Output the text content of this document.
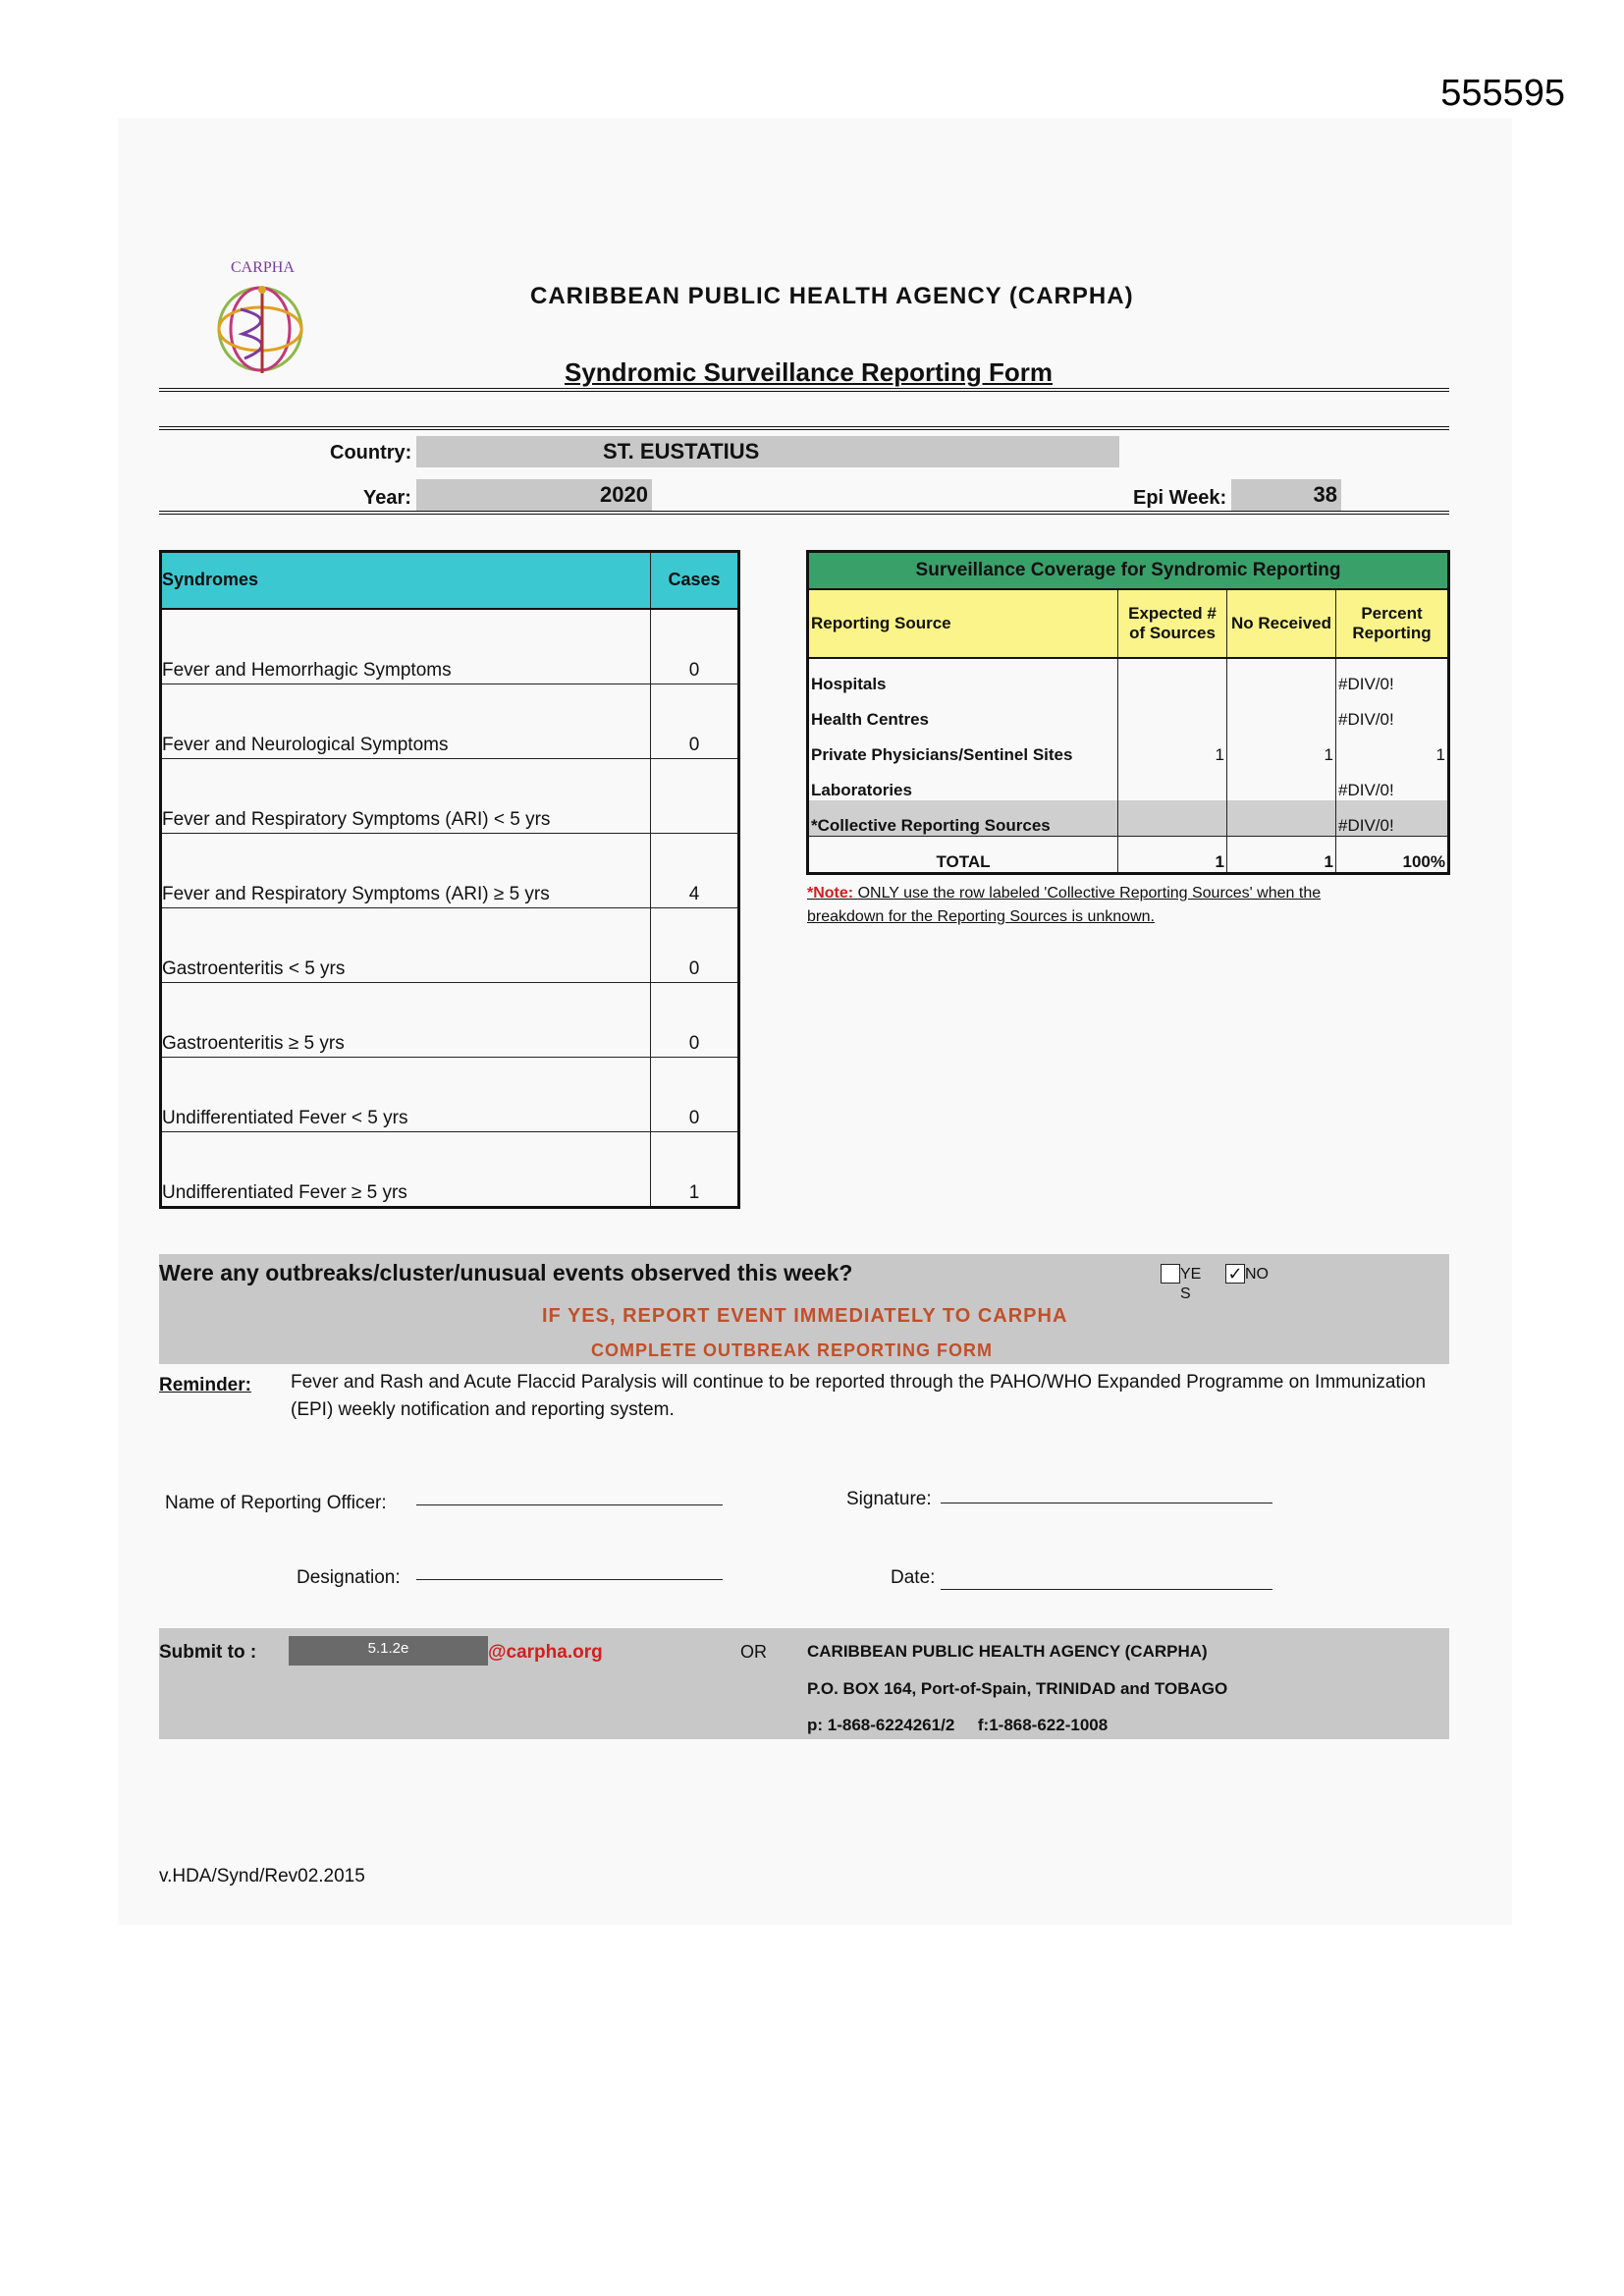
555595
CARPHA
CARIBBEAN PUBLIC HEALTH AGENCY (CARPHA)
Syndromic Surveillance Reporting Form
Country:	ST. EUSTATIUS
Year:	2020	Epi Week:	38
Syndromes	Cases
Fever and Hemorrhagic Symptoms	0
Fever and Neurological Symptoms	0
Fever and Respiratory Symptoms (ARI) < 5 yrs	
Fever and Respiratory Symptoms (ARI) ≥ 5 yrs	4
Gastroenteritis < 5 yrs	0
Gastroenteritis ≥ 5 yrs	0
Undifferentiated Fever < 5 yrs	0
Undifferentiated Fever ≥ 5 yrs	1
Surveillance Coverage for Syndromic Reporting			
Reporting Source	Expected # of Sources	No Received	Percent Reporting
Hospitals			#DIV/0!
Health Centres			#DIV/0!
Private Physicians/Sentinel Sites	1	1	1
Laboratories			#DIV/0!
*Collective Reporting Sources			#DIV/0!
TOTAL	1	1	100%
*Note: ONLY use the row labeled 'Collective Reporting Sources' when the breakdown for the Reporting Sources is unknown.
Were any outbreaks/cluster/unusual events observed this week?	YE
S
✓ NO
IF YES, REPORT EVENT IMMEDIATELY TO CARPHA
COMPLETE OUTBREAK REPORTING FORM
Reminder: Fever and Rash and Acute Flaccid Paralysis will continue to be reported through the PAHO/WHO Expanded Programme on Immunization (EPI) weekly notification and reporting system.
Name of Reporting Officer:	Signature:
Designation:	Date:
Submit to :	5.1.2e	@carpha.org	OR CARIBBEAN PUBLIC HEALTH AGENCY (CARPHA)
P.O. BOX 164, Port-of-Spain, TRINIDAD and TOBAGO
p: 1-868-6224261/2     f:1-868-622-1008
v.HDA/Synd/Rev02.2015
